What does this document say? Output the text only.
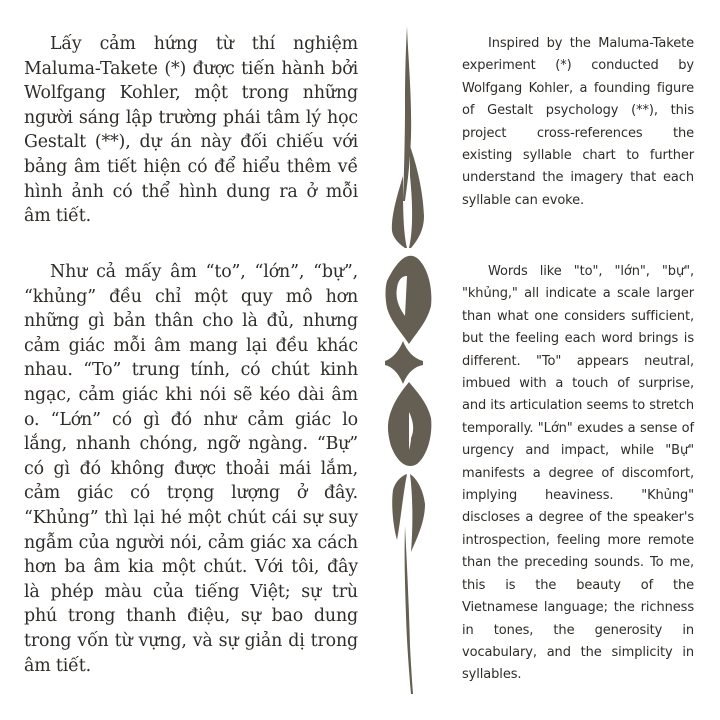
Lấy cảm hứng từ thí nghiệm Maluma-Takete (*) được tiến hành bởi Wolfgang Kohler, một trong những người sáng lập trường phái tâm lý học Gestalt (**), dự án này đối chiếu với bảng âm tiết hiện có để hiểu thêm về hình ảnh có thể hình dung ra ở mỗi âm tiết.

Như cả mấy âm “to”, “lớn”, “bự”, “khủng” đều chỉ một quy mô hơn những gì bản thân cho là đủ, nhưng cảm giác mỗi âm mang lại đều khác nhau. “To” trung tính, có chút kinh ngạc, cảm giác khi nói sẽ kéo dài âm o. “Lớn” có gì đó như cảm giác lo lắng, nhanh chóng, ngỡ ngàng. “Bự” có gì đó không được thoải mái lắm, cảm giác có trọng lượng ở đây. “Khủng” thì lại hé một chút cái sự suy ngẫm của người nói, cảm giác xa cách hơn ba âm kia một chút. Với tôi, đây là phép màu của tiếng Việt; sự trù phú trong thanh điệu, sự bao dung trong vốn từ vựng, và sự giản dị trong âm tiết.

Inspired by the Maluma-Takete experiment (*) conducted by Wolfgang Kohler, a founding figure of Gestalt psychology (**), this project cross-references the existing syllable chart to further understand the imagery that each syllable can evoke.

Words like "to", "lớn", "bự", "khủng," all indicate a scale larger than what one considers sufficient, but the feeling each word brings is different. "To" appears neutral, imbued with a touch of surprise, and its articulation seems to stretch temporally. "Lớn" exudes a sense of urgency and impact, while "Bự" manifests a degree of discomfort, implying heaviness. "Khủng" discloses a degree of the speaker's introspection, feeling more remote than the preceding sounds. To me, this is the beauty of the Vietnamese language; the richness in tones, the generosity in vocabulary, and the simplicity in syllables.
